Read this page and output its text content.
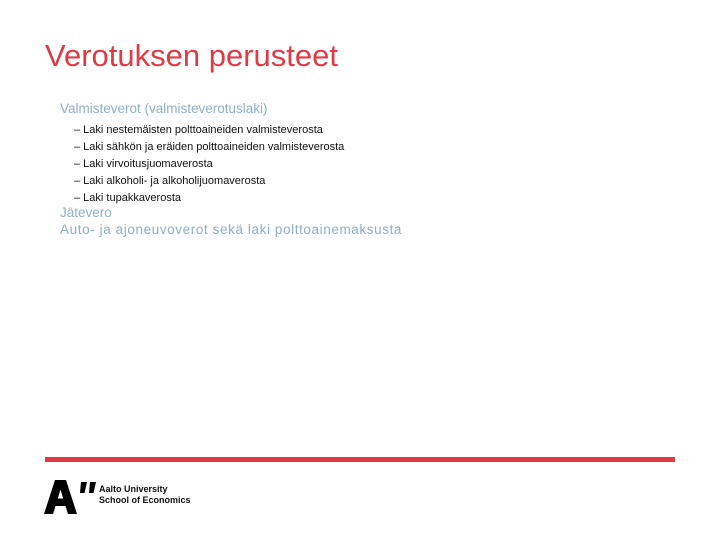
Verotuksen perusteet
Valmisteverot (valmisteverotuslaki)
– Laki nestemäisten polttoaineiden valmisteverosta
– Laki sähkön ja eräiden polttoaineiden valmisteverosta
– Laki virvoitusjuomaverosta
– Laki alkoholi- ja alkoholijuomaverosta
– Laki tupakkaverosta
Jätevero
Auto- ja ajoneuvoverot sekä laki polttoainemaksusta
Aalto University
School of Economics
